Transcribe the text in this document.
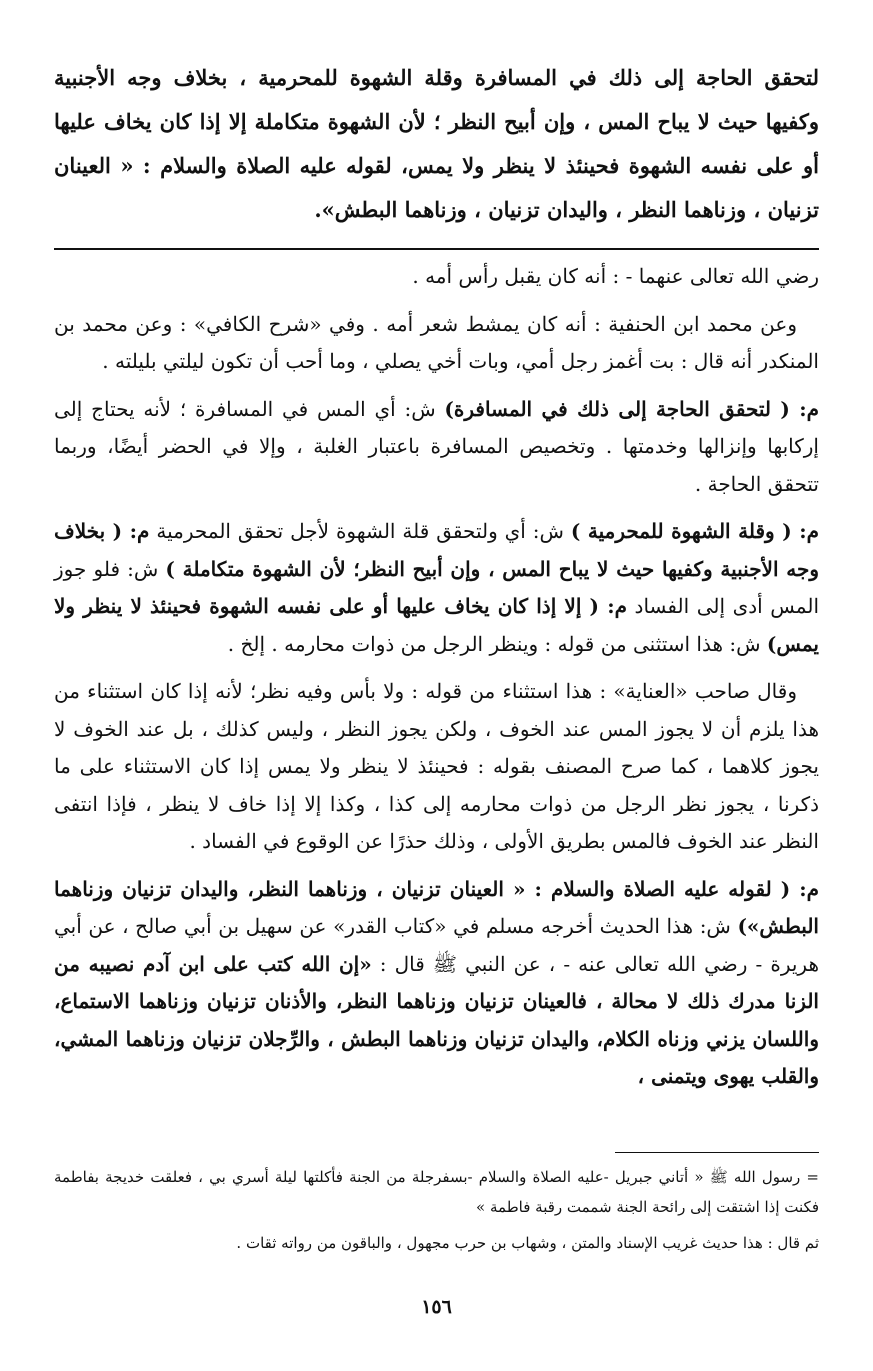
لتحقق الحاجة إلى ذلك في المسافرة وقلة الشهوة للمحرمية ، بخلاف وجه الأجنبية وكفيها حيث لا يباح المس ، وإن أبيح النظر ؛ لأن الشهوة متكاملة إلا إذا كان يخاف عليها أو على نفسه الشهوة فحينئذ لا ينظر ولا يمس، لقوله عليه الصلاة والسلام : « العينان تزنيان ، وزناهما النظر ، واليدان تزنيان ، وزناهما البطش».

رضي الله تعالى عنهما - : أنه كان يقبل رأس أمه .

وعن محمد ابن الحنفية : أنه كان يمشط شعر أمه . وفي «شرح الكافي» : وعن محمد بن المنكدر أنه قال : بت أغمز رجل أمي، وبات أخي يصلي ، وما أحب أن تكون ليلتي بليلته .

م: ( لتحقق الحاجة إلى ذلك في المسافرة) ش: أي المس في المسافرة ؛ لأنه يحتاج إلى إركابها وإنزالها وخدمتها . وتخصيص المسافرة باعتبار الغلبة ، وإلا في الحضر أيضًا، وربما تتحقق الحاجة .

م: ( وقلة الشهوة للمحرمية ) ش: أي ولتحقق قلة الشهوة لأجل تحقق المحرمية م: ( بخلاف وجه الأجنبية وكفيها حيث لا يباح المس ، وإن أبيح النظر؛ لأن الشهوة متكاملة ) ش: فلو جوز المس أدى إلى الفساد م: ( إلا إذا كان يخاف عليها أو على نفسه الشهوة فحينئذ لا ينظر ولا يمس) ش: هذا استثنى من قوله : وينظر الرجل من ذوات محارمه . إلخ .

وقال صاحب «العناية» : هذا استثناء من قوله : ولا بأس وفيه نظر؛ لأنه إذا كان استثناء من هذا يلزم أن لا يجوز المس عند الخوف ، ولكن يجوز النظر ، وليس كذلك ، بل عند الخوف لا يجوز كلاهما ، كما صرح المصنف بقوله : فحينئذ لا ينظر ولا يمس إذا كان الاستثناء على ما ذكرنا ، يجوز نظر الرجل من ذوات محارمه إلى كذا ، وكذا إلا إذا خاف لا ينظر ، فإذا انتفى النظر عند الخوف فالمس بطريق الأولى ، وذلك حذرًا عن الوقوع في الفساد .

م: ( لقوله عليه الصلاة والسلام : « العينان تزنيان ، وزناهما النظر، واليدان تزنيان وزناهما البطش») ش: هذا الحديث أخرجه مسلم في «كتاب القدر» عن سهيل بن أبي صالح ، عن أبي هريرة - رضي الله تعالى عنه - ، عن النبي ﷺ قال : «إن الله كتب على ابن آدم نصيبه من الزنا مدرك ذلك لا محالة ، فالعينان تزنيان وزناهما النظر، والأذنان تزنيان وزناهما الاستماع، واللسان يزني وزناه الكلام، واليدان تزنيان وزناهما البطش ، والرِّجلان تزنيان وزناهما المشي، والقلب يهوى ويتمنى ،

= رسول الله ﷺ « أتاني جبريل -عليه الصلاة والسلام -بسفرجلة من الجنة فأكلتها ليلة أسري بي ، فعلقت خديجة بفاطمة فكنت إذا اشتقت إلى رائحة الجنة شممت رقبة فاطمة »

ثم قال : هذا حديث غريب الإسناد والمتن ، وشهاب بن حرب مجهول ، والباقون من رواته ثقات .

١٥٦
